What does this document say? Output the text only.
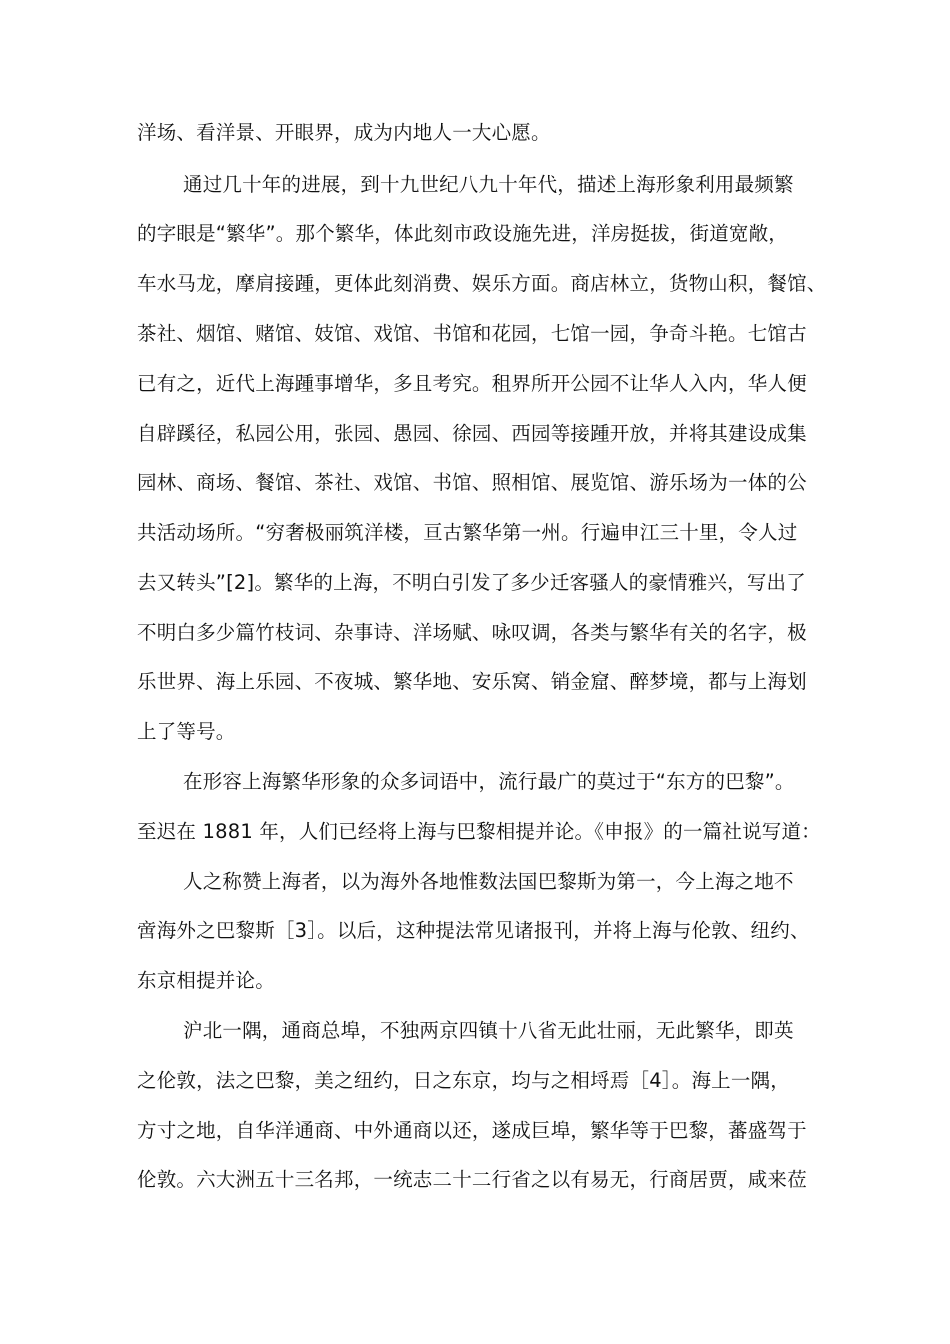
洋场、看洋景、开眼界，成为内地人一大心愿。
通过几十年的进展，到十九世纪八九十年代，描述上海形象利用最频繁
的字眼是“繁华”。那个繁华，体此刻市政设施先进，洋房挺拔，街道宽敞，
车水马龙，摩肩接踵，更体此刻消费、娱乐方面。商店林立，货物山积，餐馆、
茶社、烟馆、赌馆、妓馆、戏馆、书馆和花园，七馆一园，争奇斗艳。七馆古
已有之，近代上海踵事增华，多且考究。租界所开公园不让华人入内，华人便
自辟蹊径，私园公用，张园、愚园、徐园、西园等接踵开放，并将其建设成集
园林、商场、餐馆、茶社、戏馆、书馆、照相馆、展览馆、游乐场为一体的公
共活动场所。“穷奢极丽筑洋楼，亘古繁华第一州。行遍申江三十里，令人过
去又转头”[2]。繁华的上海，不明白引发了多少迁客骚人的豪情雅兴，写出了
不明白多少篇竹枝词、杂事诗、洋场赋、咏叹调，各类与繁华有关的名字，极
乐世界、海上乐园、不夜城、繁华地、安乐窝、销金窟、醉梦境，都与上海划
上了等号。
在形容上海繁华形象的众多词语中，流行最广的莫过于“东方的巴黎”。
至迟在 1881 年，人们已经将上海与巴黎相提并论。《申报》的一篇社说写道：
人之称赞上海者，以为海外各地惟数法国巴黎斯为第一，今上海之地不
啻海外之巴黎斯［3］。以后，这种提法常见诸报刊，并将上海与伦敦、纽约、
东京相提并论。
沪北一隅，通商总埠，不独两京四镇十八省无此壮丽，无此繁华，即英
之伦敦，法之巴黎，美之纽约，日之东京，均与之相埒焉［4］。海上一隅，
方寸之地，自华洋通商、中外通商以还，遂成巨埠，繁华等于巴黎，蕃盛驾于
伦敦。六大洲五十三名邦，一统志二十二行省之以有易无，行商居贾，咸来莅
